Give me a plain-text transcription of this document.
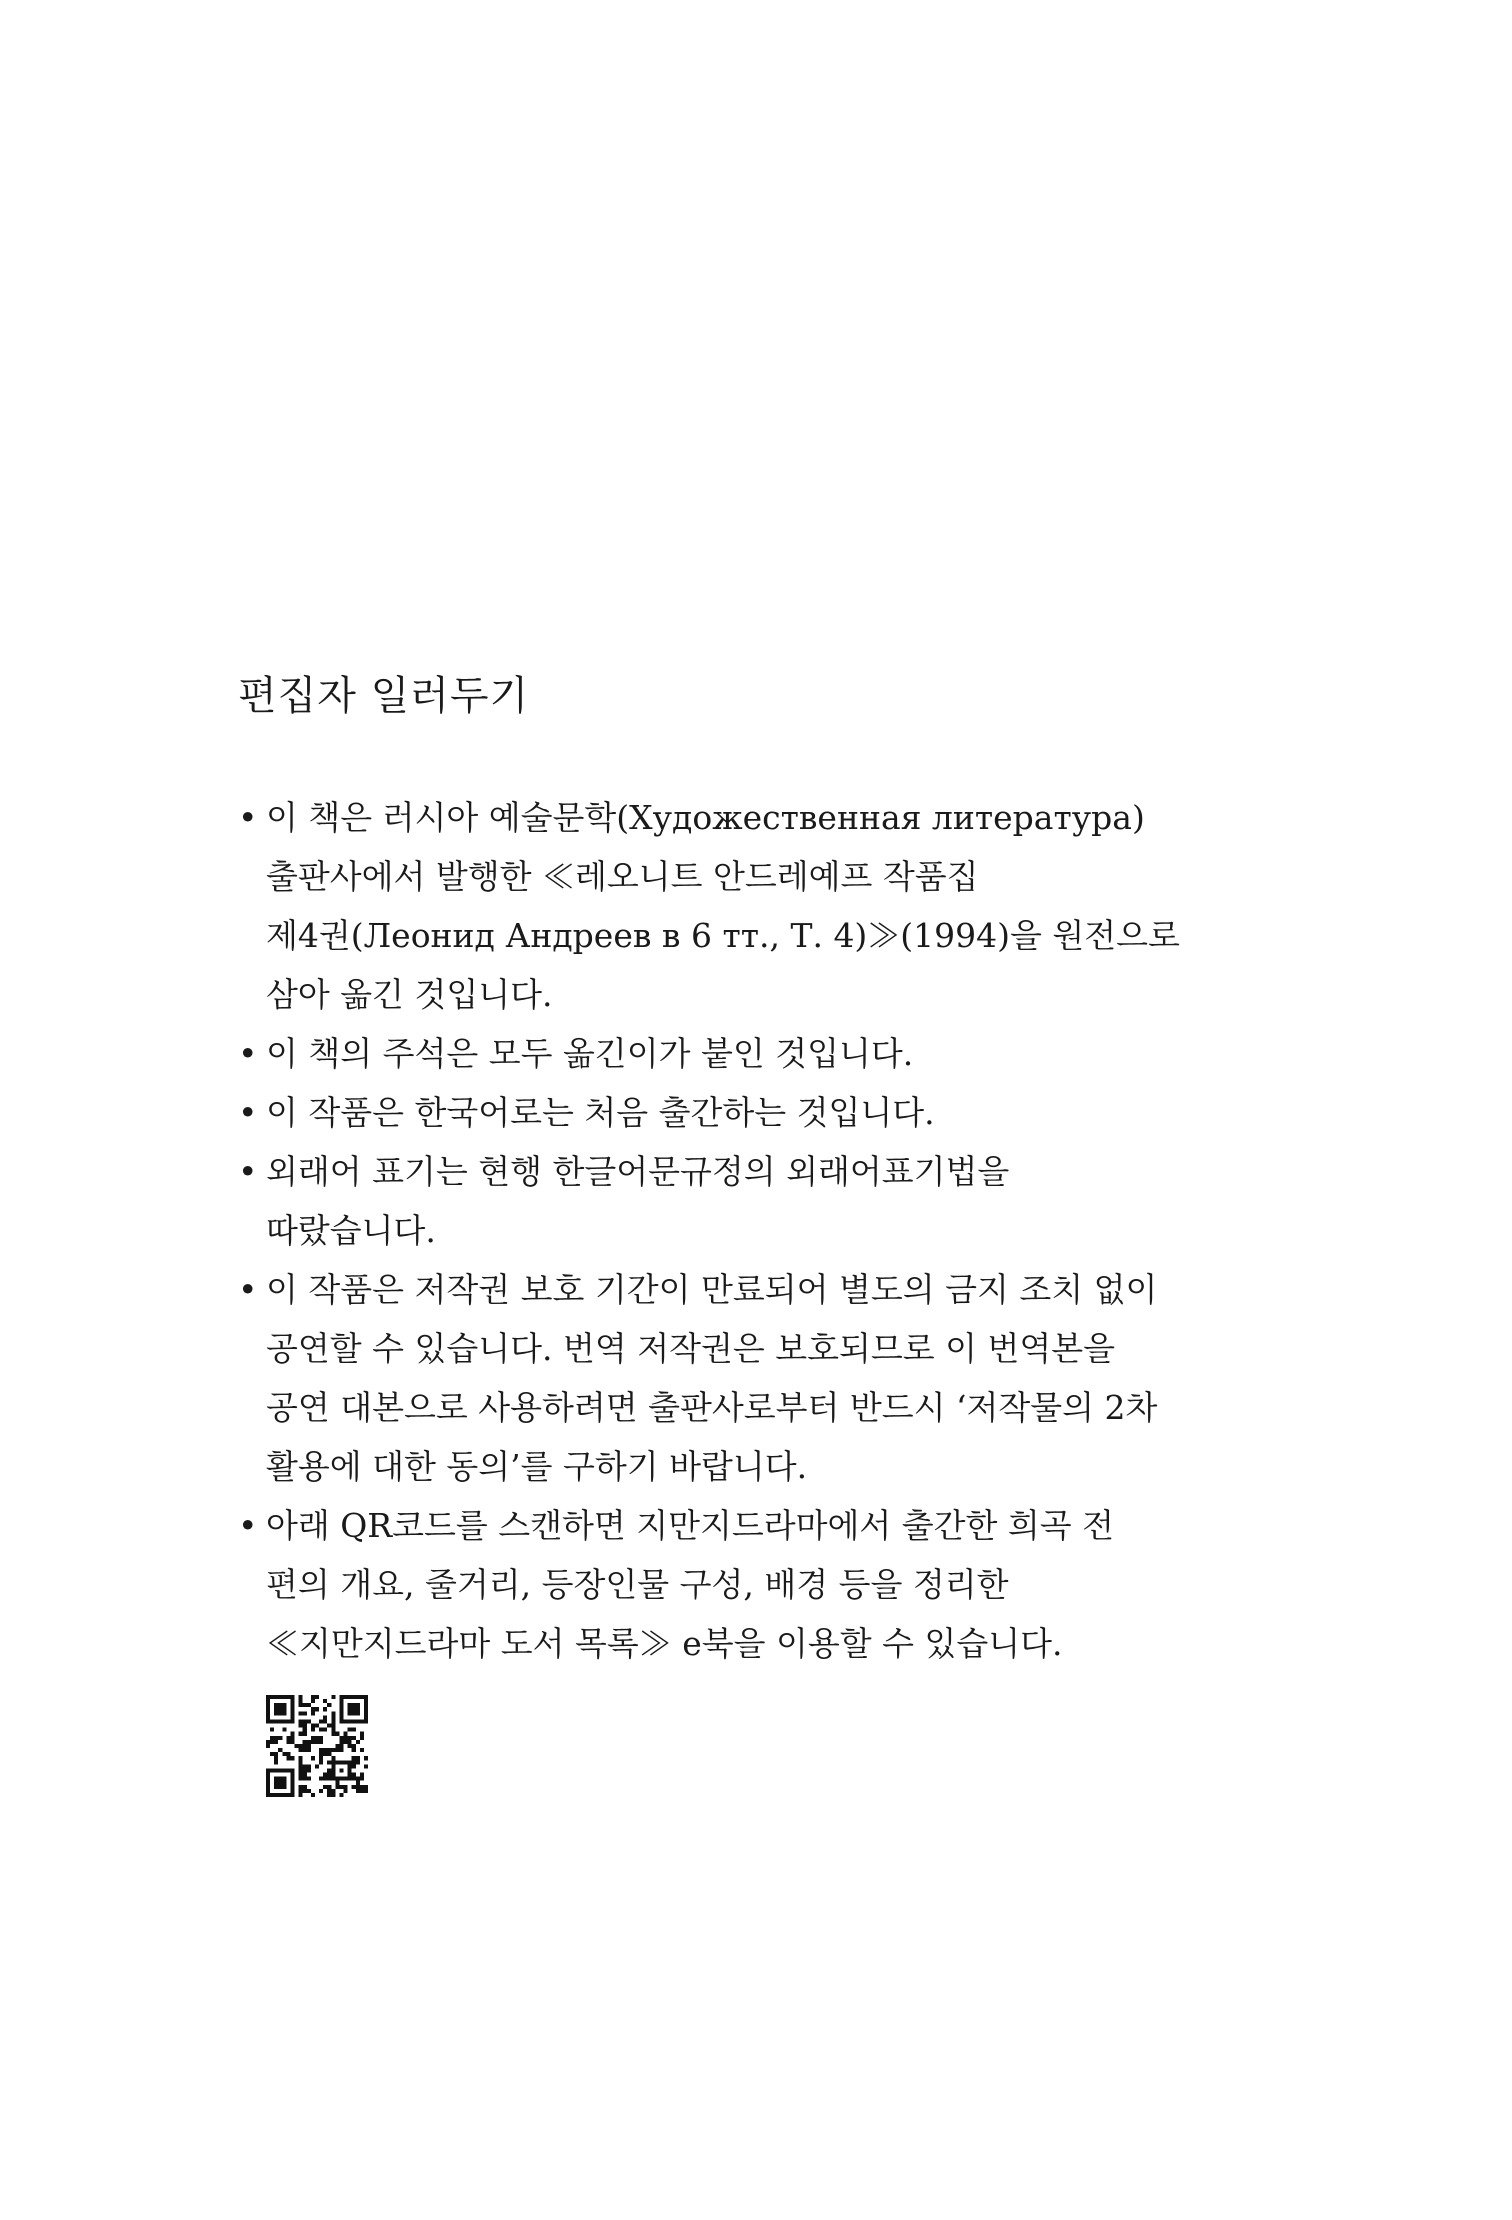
편집자 일러두기
• 이 책은 러시아 예술문학(Художественная литература)
출판사에서 발행한 ≪레오니트 안드레예프 작품집
제4권(Леонид Андреев в 6 тт., Т. 4)≫(1994)을 원전으로
삼아 옮긴 것입니다.
• 이 책의 주석은 모두 옮긴이가 붙인 것입니다.
• 이 작품은 한국어로는 처음 출간하는 것입니다.
• 외래어 표기는 현행 한글어문규정의 외래어표기법을
따랐습니다.
• 이 작품은 저작권 보호 기간이 만료되어 별도의 금지 조치 없이
공연할 수 있습니다. 번역 저작권은 보호되므로 이 번역본을
공연 대본으로 사용하려면 출판사로부터 반드시 ‘저작물의 2차
활용에 대한 동의’를 구하기 바랍니다.
• 아래 QR코드를 스캔하면 지만지드라마에서 출간한 희곡 전
편의 개요, 줄거리, 등장인물 구성, 배경 등을 정리한
≪지만지드라마 도서 목록≫ e북을 이용할 수 있습니다.
